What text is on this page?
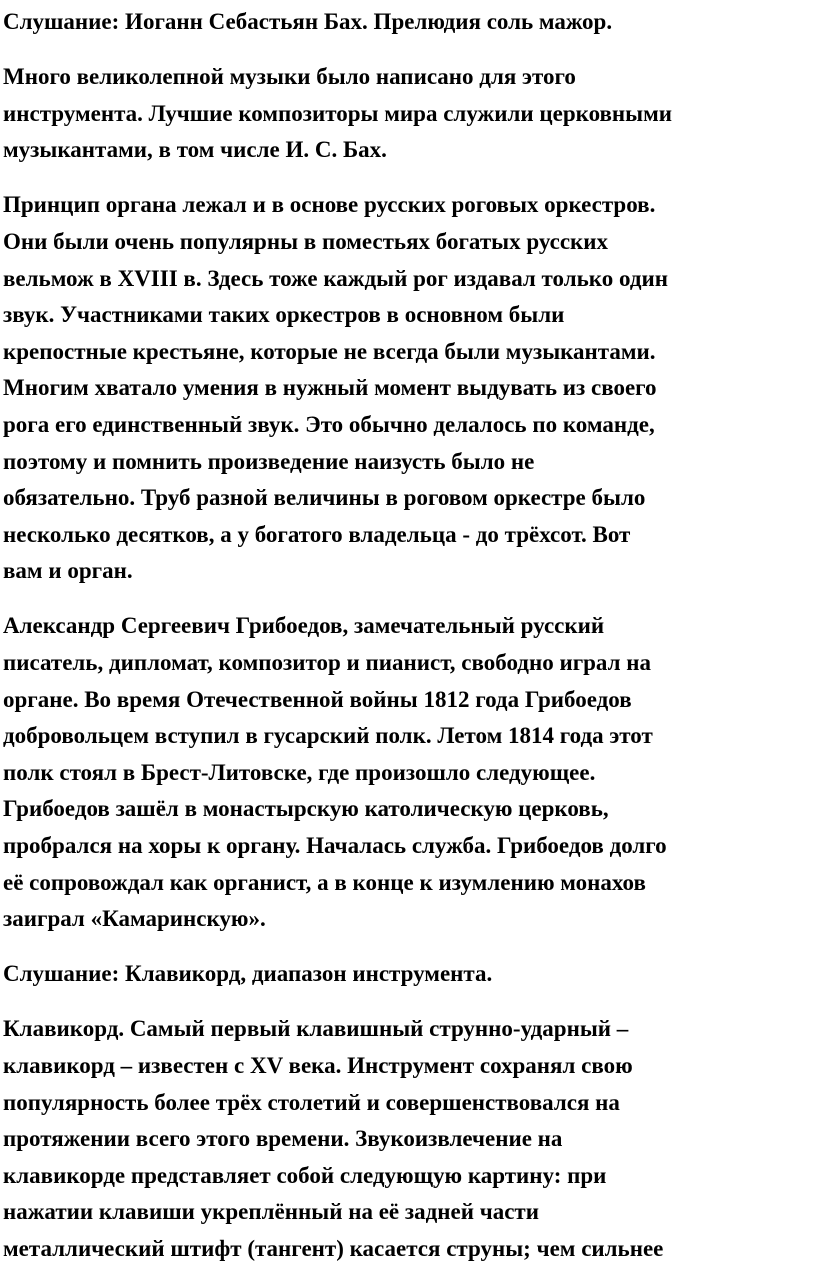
Слушание: Иоганн Себастьян Бах. Прелюдия соль мажор.

Много великолепной музыки было написано для этого
инструмента. Лучшие композиторы мира служили церковными
музыкантами, в том числе И. С. Бах.

Принцип органа лежал и в основе русских роговых оркестров.
Они были очень популярны в поместьях богатых русских
вельмож в XVIII в. Здесь тоже каждый рог издавал только один
звук. Участниками таких оркестров в основном были
крепостные крестьяне, которые не всегда были музыкантами.
Многим хватало умения в нужный момент выдувать из своего
рога его единственный звук. Это обычно делалось по команде,
поэтому и помнить произведение наизусть было не
обязательно. Труб разной величины в роговом оркестре было
несколько десятков, а у богатого владельца - до трёхсот. Вот
вам и орган.

Александр Сергеевич Грибоедов, замечательный русский
писатель, дипломат, композитор и пианист, свободно играл на
органе. Во время Отечественной войны 1812 года Грибоедов
добровольцем вступил в гусарский полк. Летом 1814 года этот
полк стоял в Брест-Литовске, где произошло следующее.
Грибоедов зашёл в монастырскую католическую церковь,
пробрался на хоры к органу. Началась служба. Грибоедов долго
её сопровождал как органист, а в конце к изумлению монахов
заиграл «Камаринскую».

Слушание: Клавикорд, диапазон инструмента.

Клавикорд. Самый первый клавишный струнно-ударный –
клавикорд – известен с XV века. Инструмент сохранял свою
популярность более трёх столетий и совершенствовался на
протяжении всего этого времени. Звукоизвлечение на
клавикорде представляет собой следующую картину: при
нажатии клавиши укреплённый на её задней части
металлический штифт (тангент) касается струны; чем сильнее
